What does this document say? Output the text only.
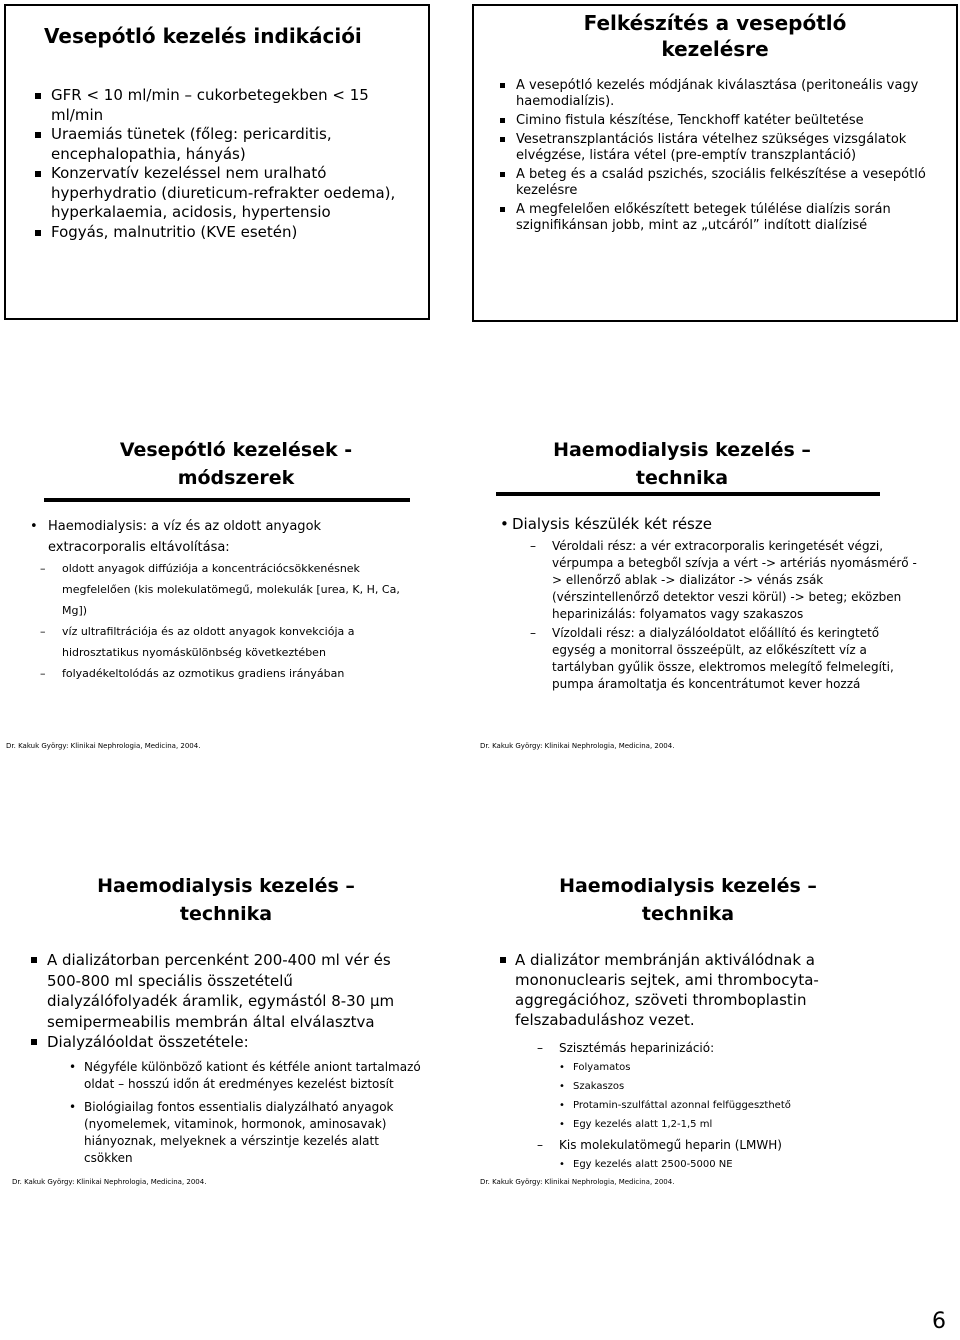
Vesepótló kezelés indikációi
GFR < 10 ml/min – cukorbetegekben < 15 ml/min
Uraemiás tünetek (főleg: pericarditis, encephalopathia, hányás)
Konzervatív kezeléssel nem uralható hyperhydratio (diureticum-refrakter oedema), hyperkalaemia, acidosis, hypertensio
Fogyás, malnutritio (KVE esetén)
Felkészítés a vesepótló
kezelésre
A vesepótló kezelés módjának kiválasztása (peritoneális vagy haemodialízis).
Cimino fistula készítése, Tenckhoff katéter beültetése
Vesetranszplantációs listára vételhez szükséges vizsgálatok elvégzése, listára vétel (pre-emptív transzplantáció)
A beteg és a család pszichés, szociális felkészítése a vesepótló kezelésre
A megfelelően előkészített betegek túlélése dialízis során szignifikánsan jobb, mint az „utcáról” indított dialízisé
Vesepótló kezelések -
módszerek
• Haemodialysis: a víz és az oldott anyagok extracorporalis eltávolítása:
– oldott anyagok diffúziója a koncentrációcsökkenésnek megfelelően (kis molekulatömegű, molekulák [urea, K, H, Ca, Mg])
– víz ultrafiltrációja és az oldott anyagok konvekciója a hidrosztatikus nyomáskülönbség következtében
– folyadékeltolódás az ozmotikus gradiens irányában
Dr. Kakuk György: Klinikai Nephrologia, Medicina, 2004.
Haemodialysis kezelés –
technika
• Dialysis készülék két része
– Véroldali rész: a vér extracorporalis keringetését végzi, vérpumpa a betegből szívja a vért -> artériás nyomásmérő -> ellenőrző ablak -> dializátor -> vénás zsák (vérszintellenőrző detektor veszi körül) -> beteg; eközben heparinizálás: folyamatos vagy szakaszos
– Vízoldali rész: a dialyzálóoldatot előállító és keringtető egység a monitorral összeépült, az előkészített víz a tartályban gyűlik össze, elektromos melegítő felmelegíti, pumpa áramoltatja és koncentrátumot kever hozzá
Dr. Kakuk György: Klinikai Nephrologia, Medicina, 2004.
Haemodialysis kezelés –
technika
A dializátorban percenként 200-400 ml vér és 500-800 ml speciális összetételű dialyzálófolyadék áramlik, egymástól 8-30 µm semipermeabilis membrán által elválasztva
Dialyzálóoldat összetétele:
• Négyféle különböző kationt és kétféle aniont tartalmazó oldat – hosszú időn át eredményes kezelést biztosít
• Biológiailag fontos essentialis dialyzálható anyagok (nyomelemek, vitaminok, hormonok, aminosavak) hiányoznak, melyeknek a vérszintje kezelés alatt csökken
Dr. Kakuk György: Klinikai Nephrologia, Medicina, 2004.
Haemodialysis kezelés –
technika
A dializátor membránján aktiválódnak a mononuclearis sejtek, ami thrombocyta-aggregációhoz, szöveti thromboplastin felszabaduláshoz vezet.
– Szisztémás heparinizáció:
• Folyamatos
• Szakaszos
• Protamin-szulfáttal azonnal felfüggeszthető
• Egy kezelés alatt 1,2-1,5 ml
– Kis molekulatömegű heparin (LMWH)
• Egy kezelés alatt 2500-5000 NE
Dr. Kakuk György: Klinikai Nephrologia, Medicina, 2004.
6
